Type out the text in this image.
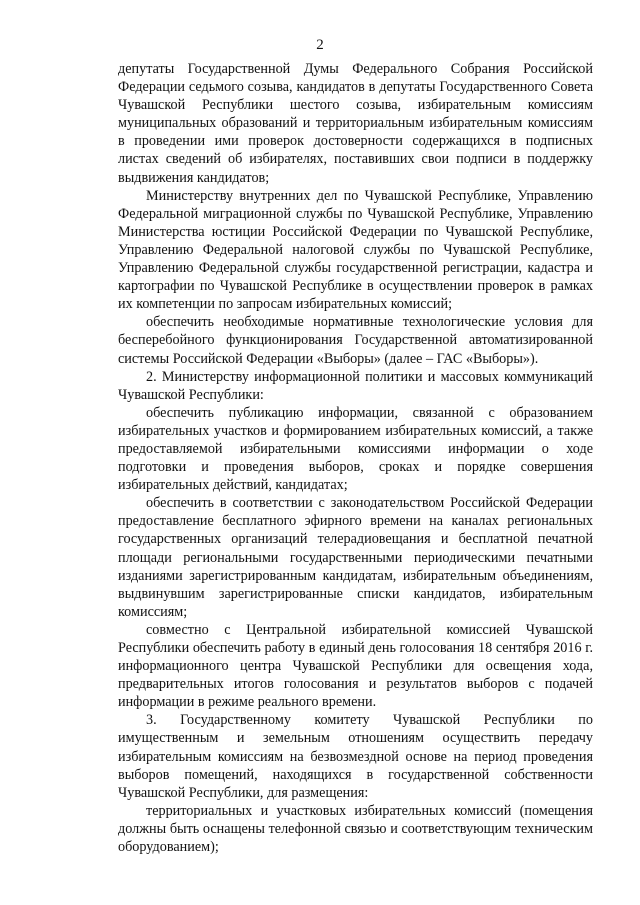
2

депутаты Государственной Думы Федерального Собрания Российской Федерации седьмого созыва, кандидатов в депутаты Государственного Совета Чувашской Республики шестого созыва, избирательным комиссиям муниципальных образований и территориальным избирательным комиссиям в проведении ими проверок достоверности содержащихся в подписных листах сведений об избирателях, поставивших свои подписи в поддержку выдвижения кандидатов;

Министерству внутренних дел по Чувашской Республике, Управлению Федеральной миграционной службы по Чувашской Республике, Управлению Министерства юстиции Российской Федерации по Чувашской Республике, Управлению Федеральной налоговой службы по Чувашской Республике, Управлению Федеральной службы государственной регистрации, кадастра и картографии по Чувашской Республике в осуществлении проверок в рамках их компетенции по запросам избирательных комиссий;

обеспечить необходимые нормативные технологические условия для бесперебойного функционирования Государственной автоматизированной системы Российской Федерации «Выборы» (далее – ГАС «Выборы»).

2. Министерству информационной политики и массовых коммуникаций Чувашской Республики:

обеспечить публикацию информации, связанной с образованием избирательных участков и формированием избирательных комиссий, а также предоставляемой избирательными комиссиями информации о ходе подготовки и проведения выборов, сроках и порядке совершения избирательных действий, кандидатах;

обеспечить в соответствии с законодательством Российской Федерации предоставление бесплатного эфирного времени на каналах региональных государственных организаций телерадиовещания и бесплатной печатной площади региональными государственными периодическими печатными изданиями зарегистрированным кандидатам, избирательным объединениям, выдвинувшим зарегистрированные списки кандидатов, избирательным комиссиям;

совместно с Центральной избирательной комиссией Чувашской Республики обеспечить работу в единый день голосования 18 сентября 2016 г. информационного центра Чувашской Республики для освещения хода, предварительных итогов голосования и результатов выборов с подачей информации в режиме реального времени.

3. Государственному комитету Чувашской Республики по имущественным и земельным отношениям осуществить передачу избирательным комиссиям на безвозмездной основе на период проведения выборов помещений, находящихся в государственной собственности Чувашской Республики, для размещения:

территориальных и участковых избирательных комиссий (помещения должны быть оснащены телефонной связью и соответствующим техническим оборудованием);
